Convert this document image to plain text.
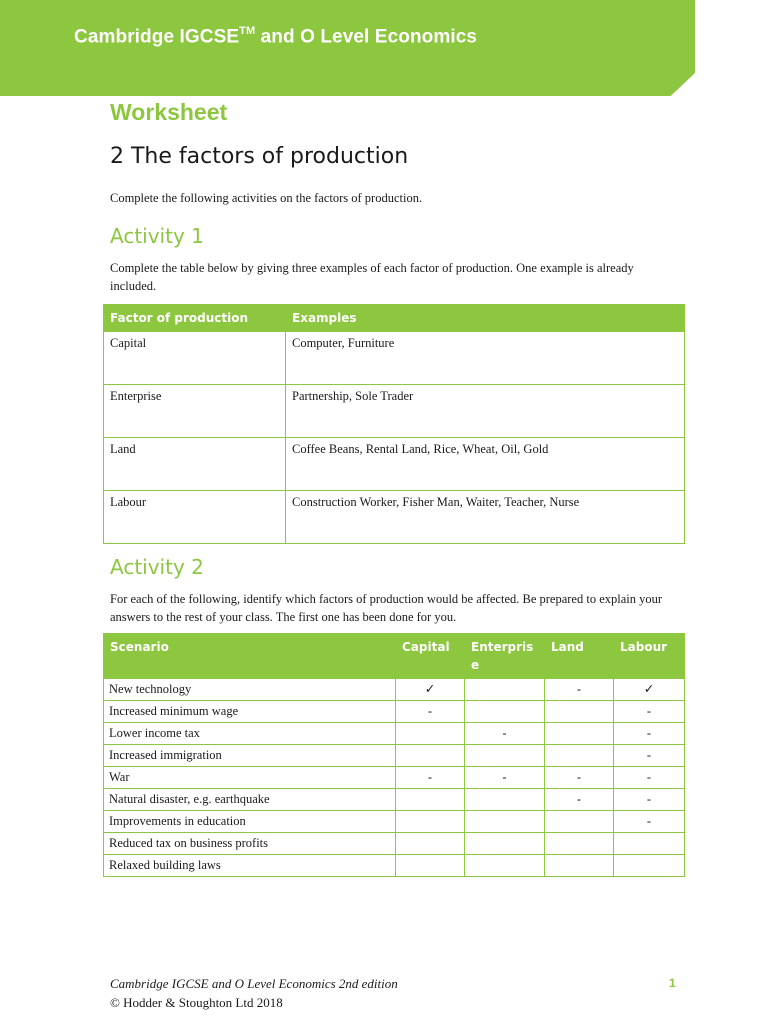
Cambridge IGCSE™ and O Level Economics
Worksheet
2 The factors of production
Complete the following activities on the factors of production.
Activity 1
Complete the table below by giving three examples of each factor of production. One example is already included.
Factor of production	Examples
Capital	Computer, Furniture
Enterprise	Partnership, Sole Trader
Land	Coffee Beans, Rental Land, Rice, Wheat, Oil, Gold
Labour	Construction Worker, Fisher Man, Waiter, Teacher, Nurse
Activity 2
For each of the following, identify which factors of production would be affected. Be prepared to explain your answers to the rest of your class. The first one has been done for you.
Scenario	Capital	Enterpris e	Land	Labour
New technology	✓		-	✓
Increased minimum wage	-			-
Lower income tax		-		-
Increased immigration				-
War	-	-	-	-
Natural disaster, e.g. earthquake			-	-
Improvements in education				-
Reduced tax on business profits				
Relaxed building laws				
Cambridge IGCSE and O Level Economics 2nd edition
© Hodder & Stoughton Ltd 2018
1
